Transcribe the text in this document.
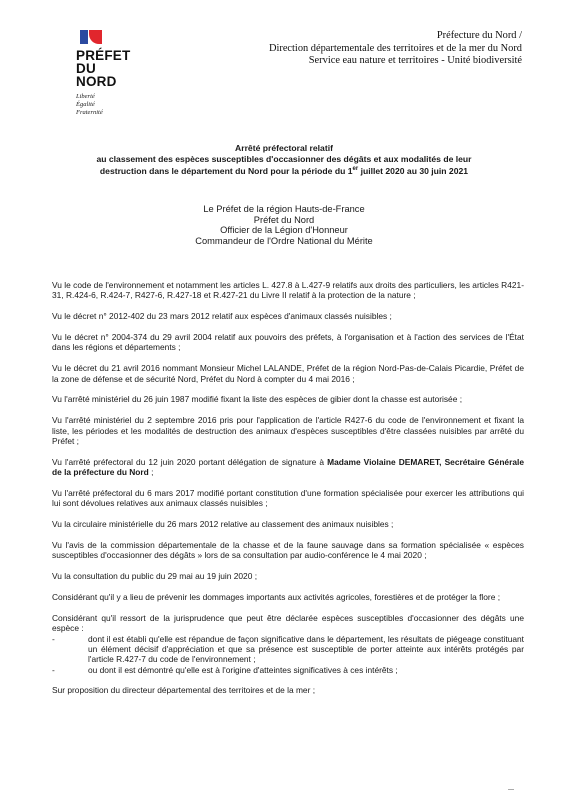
PRÉFET
DU NORD
Liberté
Égalité
Fraternité
Préfecture du Nord /
Direction départementale des territoires et de la mer du Nord
Service eau nature et territoires - Unité biodiversité
Arrêté préfectoral relatif
au classement des espèces susceptibles d'occasionner des dégâts et aux modalités de leur
destruction dans le département du Nord pour la période du 1er juillet 2020 au 30 juin 2021
Le Préfet de la région Hauts-de-France
Préfet du Nord
Officier de la Légion d'Honneur
Commandeur de l'Ordre National du Mérite

Vu le code de l'environnement et notamment les articles L. 427.8 à L.427-9 relatifs aux droits des particuliers, les articles R421-31, R.424-6, R.424-7, R427-6, R.427-18 et R.427-21 du Livre II relatif à la protection de la nature ;

Vu le décret n° 2012-402 du 23 mars 2012 relatif aux espèces d'animaux classés nuisibles ;

Vu le décret n° 2004-374 du 29 avril 2004 relatif aux pouvoirs des préfets, à l'organisation et à l'action des services de l'État dans les régions et départements ;

Vu le décret du 21 avril 2016 nommant Monsieur Michel LALANDE, Préfet de la région Nord-Pas-de-Calais Picardie, Préfet de la zone de défense et de sécurité Nord, Préfet du Nord à compter du 4 mai 2016 ;

Vu l'arrêté ministériel du 26 juin 1987 modifié fixant la liste des espèces de gibier dont la chasse est autorisée ;

Vu l'arrêté ministériel du 2 septembre 2016 pris pour l'application de l'article R427-6 du code de l'environnement et fixant la liste, les périodes et les modalités de destruction des animaux d'espèces susceptibles d'être classées nuisibles par arrêté du Préfet ;

Vu l'arrêté préfectoral du 12 juin 2020 portant délégation de signature à Madame Violaine DEMARET, Secrétaire Générale de la préfecture du Nord ;

Vu l'arrêté préfectoral du 6 mars 2017 modifié portant constitution d'une formation spécialisée pour exercer les attributions qui lui sont dévolues relatives aux animaux classés nuisibles ;

Vu la circulaire ministérielle du 26 mars 2012 relative au classement des animaux nuisibles ;

Vu l'avis de la commission départementale de la chasse et de la faune sauvage dans sa formation spécialisée « espèces susceptibles d'occasionner des dégâts » lors de sa consultation par audio-conférence le 4 mai 2020 ;

Vu la consultation du public du 29 mai au 19 juin 2020 ;

Considérant qu'il y a lieu de prévenir les dommages importants aux activités agricoles, forestières et de protéger la flore ;

Considérant qu'il ressort de la jurisprudence que peut être déclarée espèces susceptibles d'occasionner des dégâts une espèce :

-	dont il est établi qu'elle est répandue de façon significative dans le département, les résultats de piégeage constituant un élément décisif d'appréciation et que sa présence est susceptible de porter atteinte aux intérêts protégés par l'article R.427-7 du code de l'environnement ;
-	ou dont il est démontré qu'elle est à l'origine d'atteintes significatives à ces intérêts ;

Sur proposition du directeur départemental des territoires et de la mer ;

...
